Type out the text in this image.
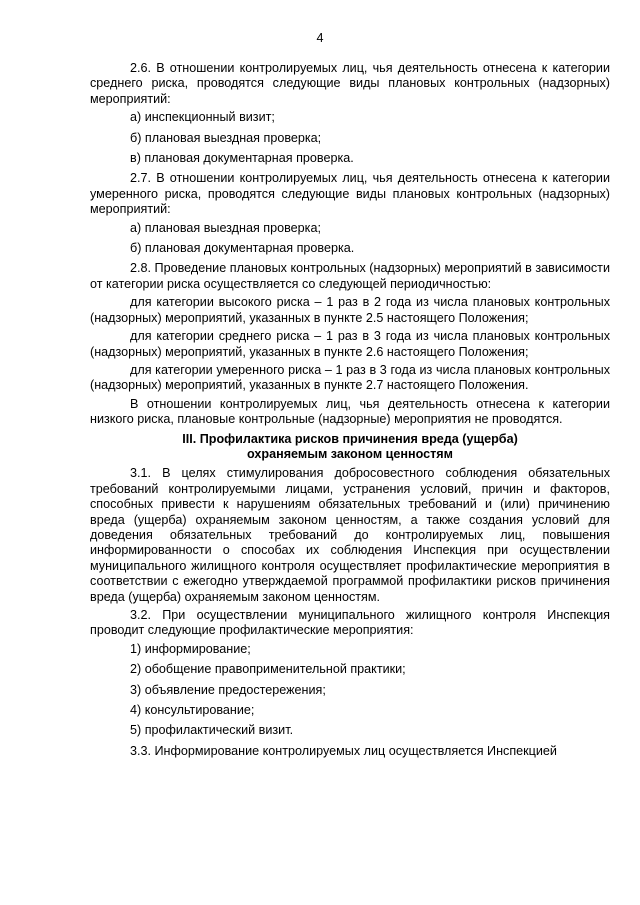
4
2.6. В отношении контролируемых лиц, чья деятельность отнесена к категории среднего риска, проводятся следующие виды плановых контрольных (надзорных) мероприятий:
а) инспекционный визит;
б) плановая выездная проверка;
в) плановая документарная проверка.
2.7. В отношении контролируемых лиц, чья деятельность отнесена к категории умеренного риска, проводятся следующие виды плановых контрольных (надзорных) мероприятий:
а) плановая выездная проверка;
б) плановая документарная проверка.
2.8. Проведение плановых контрольных (надзорных) мероприятий в зависимости от категории риска осуществляется со следующей периодичностью:
для категории высокого риска – 1 раз в 2 года из числа плановых контрольных (надзорных) мероприятий, указанных в пункте 2.5 настоящего Положения;
для категории среднего риска – 1 раз в 3 года из числа плановых контрольных (надзорных) мероприятий, указанных в пункте 2.6 настоящего Положения;
для категории умеренного риска – 1 раз в 3 года из числа плановых контрольных (надзорных) мероприятий, указанных в пункте 2.7 настоящего Положения.
В отношении контролируемых лиц, чья деятельность отнесена к категории низкого риска, плановые контрольные (надзорные) мероприятия не проводятся.
III. Профилактика рисков причинения вреда (ущерба)
охраняемым законом ценностям
3.1. В целях стимулирования добросовестного соблюдения обязательных требований контролируемыми лицами, устранения условий, причин и факторов, способных привести к нарушениям обязательных требований и (или) причинению вреда (ущерба) охраняемым законом ценностям, а также создания условий для доведения обязательных требований до контролируемых лиц, повышения информированности о способах их соблюдения Инспекция при осуществлении муниципального жилищного контроля осуществляет профилактические мероприятия в соответствии с ежегодно утверждаемой программой профилактики рисков причинения вреда (ущерба) охраняемым законом ценностям.
3.2. При осуществлении муниципального жилищного контроля Инспекция проводит следующие профилактические мероприятия:
1) информирование;
2) обобщение правоприменительной практики;
3) объявление предостережения;
4) консультирование;
5) профилактический визит.
3.3. Информирование контролируемых лиц осуществляется Инспекцией
